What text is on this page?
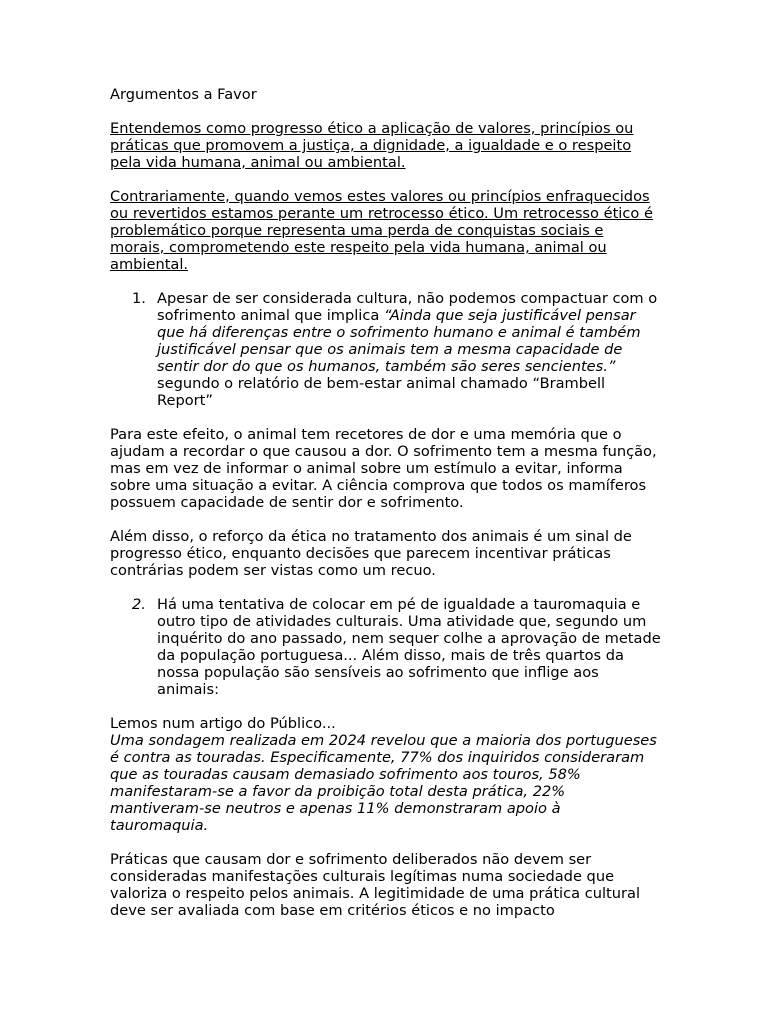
Argumentos a Favor

Entendemos como progresso ético a aplicação de valores, princípios ou práticas que promovem a justiça, a dignidade, a igualdade e o respeito pela vida humana, animal ou ambiental.

Contrariamente, quando vemos estes valores ou princípios enfraquecidos ou revertidos estamos perante um retrocesso ético. Um retrocesso ético é problemático porque representa uma perda de conquistas sociais e morais, comprometendo este respeito pela vida humana, animal ou ambiental.

1. Apesar de ser considerada cultura, não podemos compactuar com o sofrimento animal que implica “Ainda que seja justificável pensar que há diferenças entre o sofrimento humano e animal é também justificável pensar que os animais tem a mesma capacidade de sentir dor do que os humanos, também são seres sencientes.” segundo o relatório de bem-estar animal chamado “Brambell Report”

Para este efeito, o animal tem recetores de dor e uma memória que o ajudam a recordar o que causou a dor. O sofrimento tem a mesma função, mas em vez de informar o animal sobre um estímulo a evitar, informa sobre uma situação a evitar. A ciência comprova que todos os mamíferos possuem capacidade de sentir dor e sofrimento.

Além disso, o reforço da ética no tratamento dos animais é um sinal de progresso ético, enquanto decisões que parecem incentivar práticas contrárias podem ser vistas como um recuo.

2. Há uma tentativa de colocar em pé de igualdade a tauromaquia e outro tipo de atividades culturais. Uma atividade que, segundo um inquérito do ano passado, nem sequer colhe a aprovação de metade da população portuguesa... Além disso, mais de três quartos da nossa população são sensíveis ao sofrimento que inflige aos animais:

Lemos num artigo do Público...

Uma sondagem realizada em 2024 revelou que a maioria dos portugueses é contra as touradas. Especificamente, 77% dos inquiridos consideraram que as touradas causam demasiado sofrimento aos touros, 58% manifestaram-se a favor da proibição total desta prática, 22% mantiveram-se neutros e apenas 11% demonstraram apoio à tauromaquia.

Práticas que causam dor e sofrimento deliberados não devem ser consideradas manifestações culturais legítimas numa sociedade que valoriza o respeito pelos animais. A legitimidade de uma prática cultural deve ser avaliada com base em critérios éticos e no impacto
